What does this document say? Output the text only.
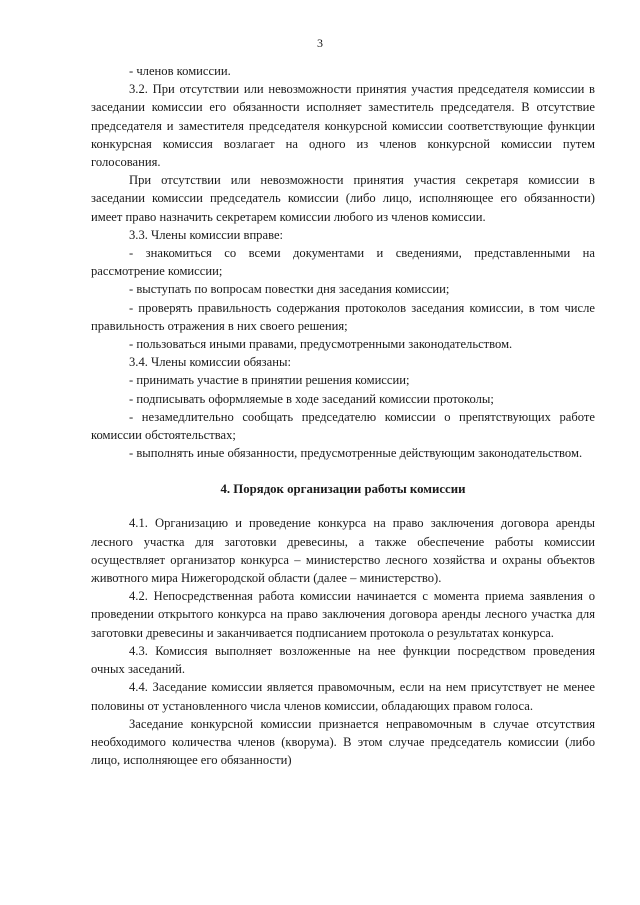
3

- членов комиссии.

3.2. При отсутствии или невозможности принятия участия председателя комиссии в заседании комиссии его обязанности исполняет заместитель председателя. В отсутствие председателя и заместителя председателя конкурсной комиссии соответствующие функции конкурсная комиссия возлагает на одного из членов конкурсной комиссии путем голосования.

При отсутствии или невозможности принятия участия секретаря комиссии в заседании комиссии председатель комиссии (либо лицо, исполняющее его обязанности) имеет право назначить секретарем комиссии любого из членов комиссии.

3.3. Члены комиссии вправе:

- знакомиться со всеми документами и сведениями, представленными на рассмотрение комиссии;

- выступать по вопросам повестки дня заседания комиссии;

- проверять правильность содержания протоколов заседания комиссии, в том числе правильность отражения в них своего решения;

- пользоваться иными правами, предусмотренными законодательством.

3.4. Члены комиссии обязаны:

- принимать участие в принятии решения комиссии;

- подписывать оформляемые в ходе заседаний комиссии протоколы;

- незамедлительно сообщать председателю комиссии о препятствующих работе комиссии обстоятельствах;

- выполнять иные обязанности, предусмотренные действующим законодательством.

4. Порядок организации работы комиссии

4.1. Организацию и проведение конкурса на право заключения договора аренды лесного участка для заготовки древесины, а также обеспечение работы комиссии осуществляет организатор конкурса – министерство лесного хозяйства и охраны объектов животного мира Нижегородской области (далее – министерство).

4.2. Непосредственная работа комиссии начинается с момента приема заявления о проведении открытого конкурса на право заключения договора аренды лесного участка для заготовки древесины и заканчивается подписанием протокола о результатах конкурса.

4.3. Комиссия выполняет возложенные на нее функции посредством проведения очных заседаний.

4.4. Заседание комиссии является правомочным, если на нем присутствует не менее половины от установленного числа членов комиссии, обладающих правом голоса.

Заседание конкурсной комиссии признается неправомочным в случае отсутствия необходимого количества членов (кворума). В этом случае председатель комиссии (либо лицо, исполняющее его обязанности)
